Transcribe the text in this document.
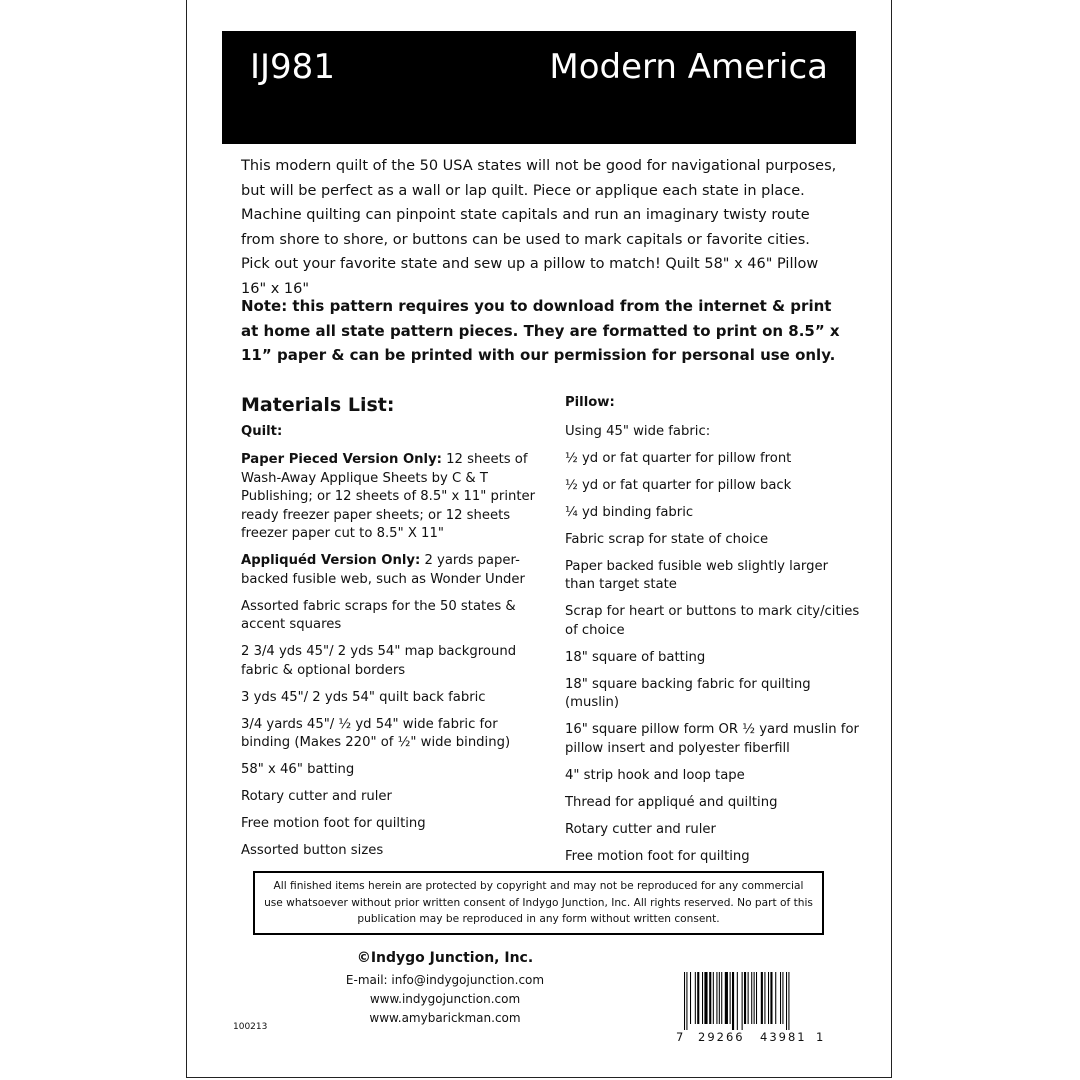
IJ981	Modern America

This modern quilt of the 50 USA states will not be good for navigational purposes, but will be perfect as a wall or lap quilt. Piece or applique each state in place. Machine quilting can pinpoint state capitals and run an imaginary twisty route from shore to shore, or buttons can be used to mark capitals or favorite cities. Pick out your favorite state and sew up a pillow to match! Quilt 58" x 46" Pillow 16" x 16"

Note: this pattern requires you to download from the internet & print at home all state pattern pieces. They are formatted to print on 8.5” x 11” paper & can be printed with our permission for personal use only.

Materials List:
Quilt:
Paper Pieced Version Only: 12 sheets of Wash-Away Applique Sheets by C & T Publishing; or 12 sheets of 8.5" x 11" printer ready freezer paper sheets; or 12 sheets freezer paper cut to 8.5" X 11"
Appliquéd Version Only: 2 yards paper-backed fusible web, such as Wonder Under
Assorted fabric scraps for the 50 states & accent squares
2 3/4 yds 45"/ 2 yds 54" map background fabric & optional borders
3 yds 45"/ 2 yds 54" quilt back fabric
3/4 yards 45"/ ½ yd 54" wide fabric for binding (Makes 220" of ½" wide binding)
58" x 46" batting
Rotary cutter and ruler
Free motion foot for quilting
Assorted button sizes
Pillow:
Using 45" wide fabric:
½ yd or fat quarter for pillow front
½ yd or fat quarter for pillow back
¼ yd binding fabric
Fabric scrap for state of choice
Paper backed fusible web slightly larger than target state
Scrap for heart or buttons to mark city/cities of choice
18" square of batting
18" square backing fabric for quilting (muslin)
16" square pillow form OR ½ yard muslin for pillow insert and polyester fiberfill
4" strip hook and loop tape
Thread for appliqué and quilting
Rotary cutter and ruler
Free motion foot for quilting
All finished items herein are protected by copyright and may not be reproduced for any commercial use whatsoever without prior written consent of Indygo Junction, Inc. All rights reserved. No part of this publication may be reproduced in any form without written consent.
©Indygo Junction, Inc.
E-mail: info@indygojunction.com
www.indygojunction.com
www.amybarickman.com
100213
7 29266 43981 1
